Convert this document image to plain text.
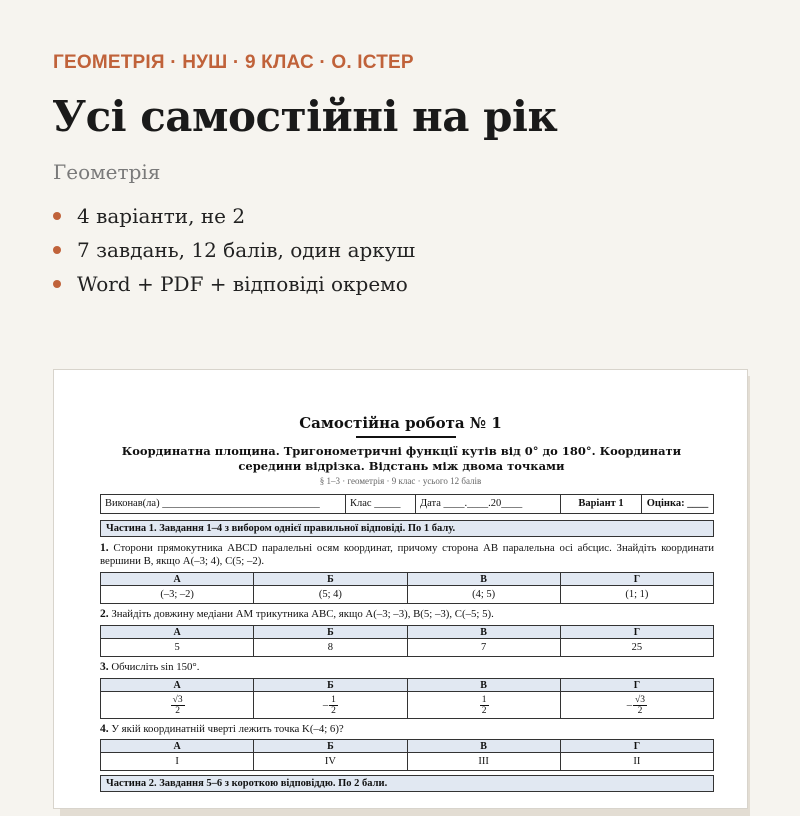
ГЕОМЕТРІЯ · НУШ · 9 КЛАС · О. ІСТЕР
Усі самостійні на рік
Геометрія
4 варіанти, не 2
7 завдань, 12 балів, один аркуш
Word + PDF + відповіді окремо
Самостійна робота № 1
Координатна площина. Тригонометричні функції кутів від 0° до 180°. Координати середини відрізка. Відстань між двома точками
§ 1–3 · геометрія · 9 клас · усього 12 балів
Виконав(ла) ______________________________	Клас _____	Дата ____.____.20____	Варіант 1	Оцінка: ____
Частина 1. Завдання 1–4 з вибором однієї правильної відповіді. По 1 балу.
1. Сторони прямокутника ABCD паралельні осям координат, причому сторона AB паралельна осі абсцис. Знайдіть координати вершини B, якщо A(–3; 4), C(5; –2).
А	Б	В	Г
(–3; –2)	(5; 4)	(4; 5)	(1; 1)
2. Знайдіть довжину медіани AM трикутника ABC, якщо A(–3; –3), B(5; –3), C(–5; 5).
А	Б	В	Г
5	8	7	25
3. Обчисліть sin 150°.
А	Б	В	Г

$\frac{√3}{2}$	– $\frac{1}{2}$	$\frac{1}{2}$	– $\frac{√3}{2}$
4. У якій координатній чверті лежить точка K(–4; 6)?
А	Б	В	Г
I	IV	III	II
Частина 2. Завдання 5–6 з короткою відповіддю. По 2 бали.
